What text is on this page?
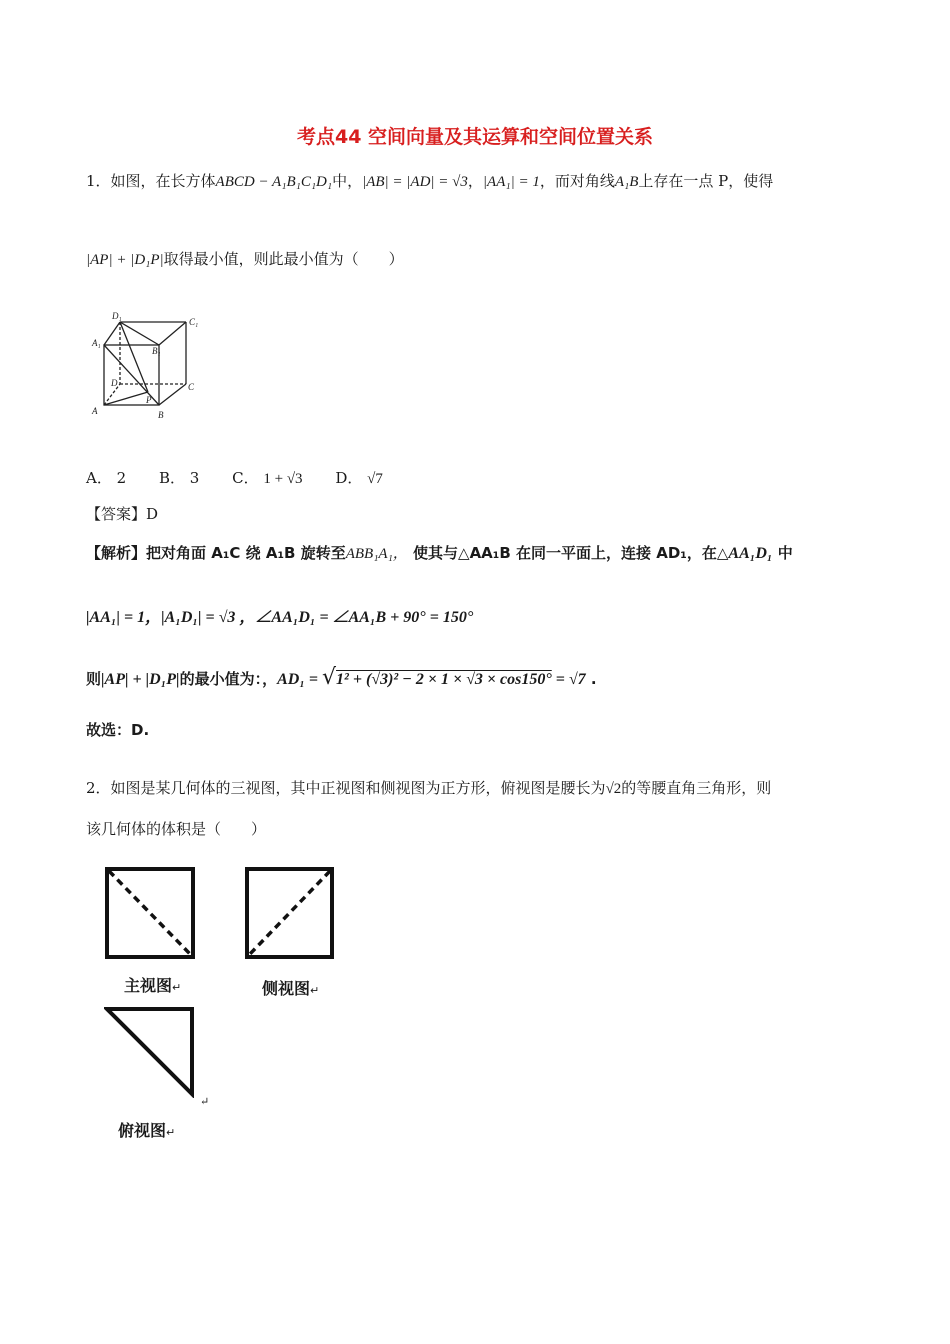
考点44 空间向量及其运算和空间位置关系
1．如图，在长方体ABCD − A₁B₁C₁D₁中，|AB| = |AD| = √3，|AA₁| = 1，而对角线A₁B上存在一点 P，使得
|AP| + |D₁P|取得最小值，则此最小值为（　　）
D₁
C₁
A₁
B₁
D	C
A
P
B
A． 2 B． 3 C． 1 + √3 D． √7
【答案】D
【解析】把对角面 A₁C 绕 A₁B 旋转至ABB₁A₁， 使其与△AA₁B 在同一平面上，连接 AD₁，在△AA₁D₁ 中
|AA₁| = 1，|A₁D₁| = √3 ，∠AA₁D₁ = ∠AA₁B + 90° = 150°
则|AP| + |D₁P|的最小值为：，AD₁ = √1² + (√3)² − 2 × 1 × √3 × cos150° = √7 .
故选：D.
2．如图是某几何体的三视图，其中正视图和侧视图为正方形，俯视图是腰长为√2的等腰直角三角形，则
该几何体的体积是（　　）
主视图↵	侧视图↵
↵
俯视图↵
